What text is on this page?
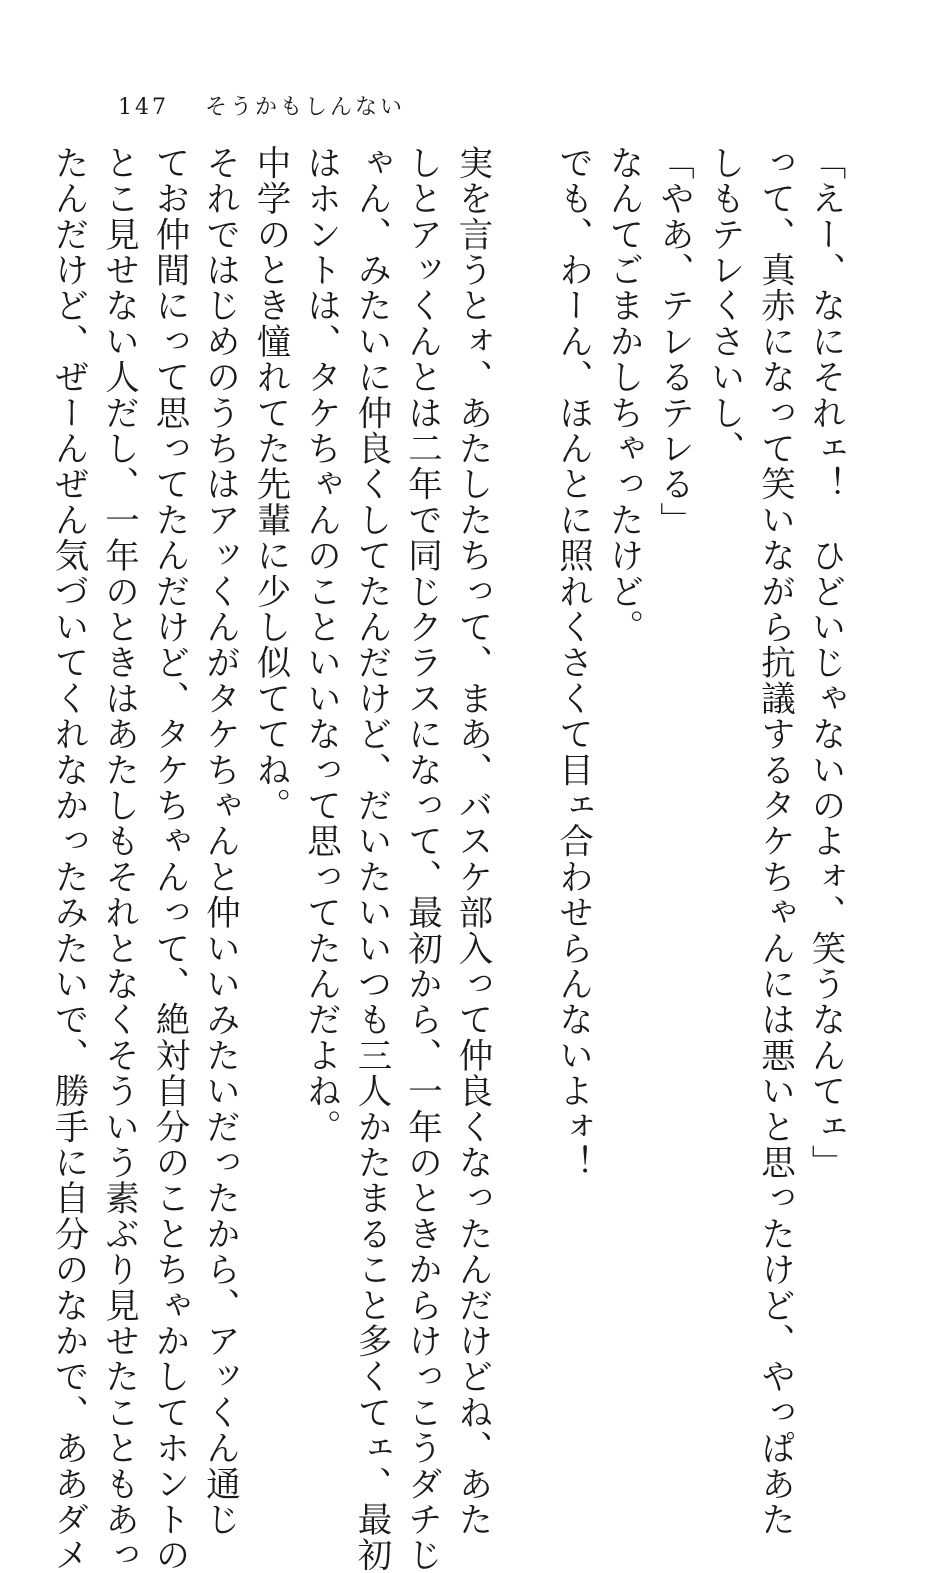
147 そうかもしんない
「えー、なにそれェ！　ひどいじゃないのよォ、笑うなんてェ」
って、真赤になって笑いながら抗議するタケちゃんには悪いと思ったけど、やっぱあた
しもテレくさいし、
「やあ、テレるテレる」
なんてごまかしちゃったけど。
でも、わーん、ほんとに照れくさくて目ェ合わせらんないよォ！
実を言うとォ、あたしたちって、まあ、バスケ部入って仲良くなったんだけどね、あた
しとアッくんとは二年で同じクラスになって、最初から、一年のときからけっこうダチじ
ゃん、みたいに仲良くしてたんだけど、だいたいいつも三人かたまること多くてェ、最初
はホントは、タケちゃんのこといいなって思ってたんだよね。
中学のとき憧れてた先輩に少し似ててね。
それではじめのうちはアッくんがタケちゃんと仲いいみたいだったから、アッくん通じ
てお仲間にって思ってたんだけど、タケちゃんって、絶対自分のことちゃかしてホントの
とこ見せない人だし、一年のときはあたしもそれとなくそういう素ぶり見せたこともあっ
たんだけど、ぜーんぜん気づいてくれなかったみたいで、勝手に自分のなかで、ああダメ
